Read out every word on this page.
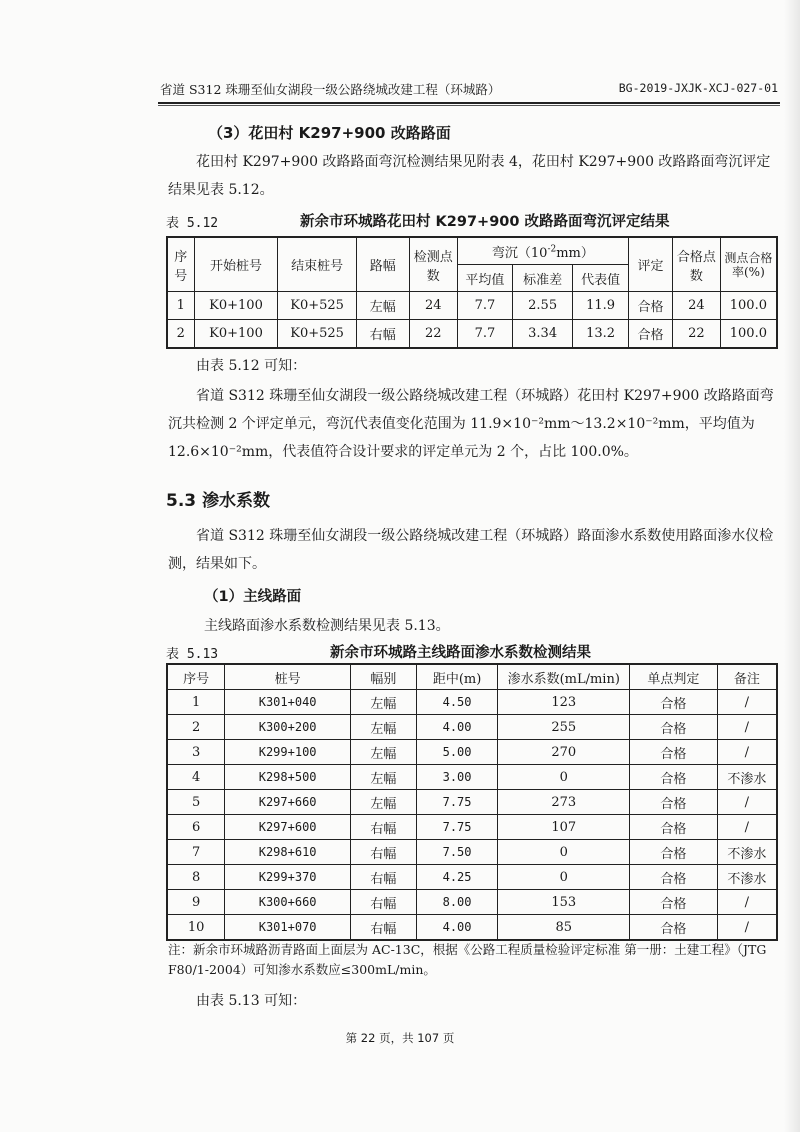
省道 S312 珠珊至仙女湖段一级公路绕城改建工程（环城路）	BG-2019-JXJK-XCJ-027-01
（3）花田村 K297+900 改路路面
花田村 K297+900 改路路面弯沉检测结果见附表 4，花田村 K297+900 改路路面弯沉评定结果见表 5.12。
表 5.12	新余市环城路花田村 K297+900 改路路面弯沉评定结果
序号	开始桩号	结束桩号	路幅	检测点数	弯沉$(10^{-2}mm)$			评定	合格点数	测点合格率(%)
					平均值	标准差	代表值			
1	K0+100	K0+525	左幅	24	7.7	2.55	11.9	合格	24	100.0
2	K0+100	K0+525	右幅	22	7.7	3.34	13.2	合格	22	100.0
由表 5.12 可知：
省道 S312 珠珊至仙女湖段一级公路绕城改建工程（环城路）花田村 K297+900 改路路面弯沉共检测 2 个评定单元，弯沉代表值变化范围为 11.9×10⁻²mm～13.2×10⁻²mm，平均值为 12.6×10⁻²mm，代表值符合设计要求的评定单元为 2 个，占比 100.0%。
5.3 渗水系数
省道 S312 珠珊至仙女湖段一级公路绕城改建工程（环城路）路面渗水系数使用路面渗水仪检测，结果如下。
（1）主线路面
主线路面渗水系数检测结果见表 5.13。
表 5.13	新余市环城路主线路面渗水系数检测结果
序号	桩号	幅别	距中(m)	渗水系数(mL/min)	单点判定	备注
1	K301+040	左幅	4.50	123	合格	/
2	K300+200	左幅	4.00	255	合格	/
3	K299+100	左幅	5.00	270	合格	/
4	K298+500	左幅	3.00	0	合格	不渗水
5	K297+660	左幅	7.75	273	合格	/
6	K297+600	右幅	7.75	107	合格	/
7	K298+610	右幅	7.50	0	合格	不渗水
8	K299+370	右幅	4.25	0	合格	不渗水
9	K300+660	右幅	8.00	153	合格	/
10	K301+070	右幅	4.00	85	合格	/
注：新余市环城路沥青路面上面层为 AC-13C，根据《公路工程质量检验评定标准 第一册：土建工程》（JTG F80/1-2004）可知渗水系数应≤300mL/min。
由表 5.13 可知：
第 22 页，共 107 页
